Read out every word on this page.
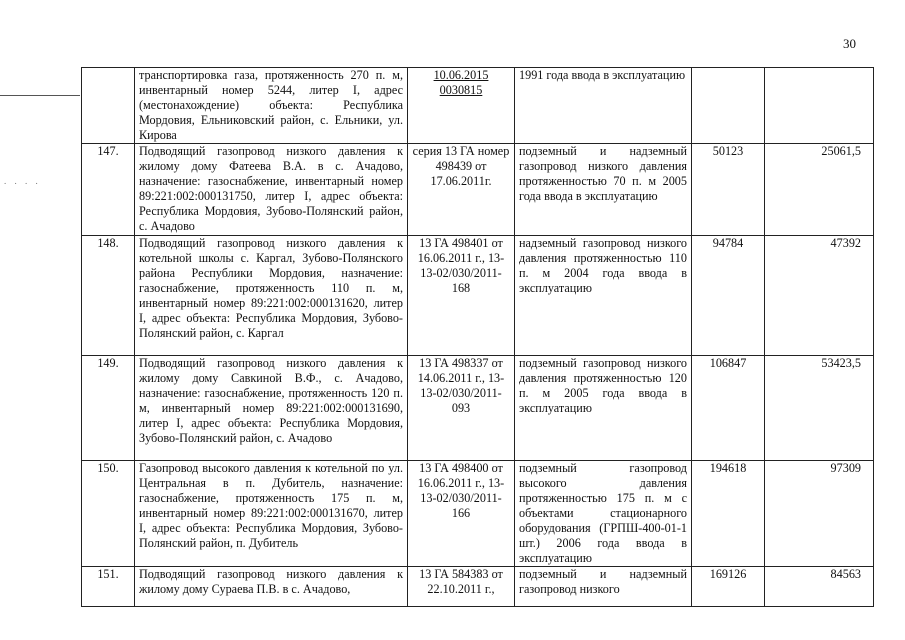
30
. . . .
	транспортировка газа, протяженность 270 п. м, инвентарный номер 5244, литер I, адрес (местонахождение) объекта: Республика Мордовия, Ельниковский район, с. Ельники, ул. Кирова	10.06.2015 0030815	1991 года ввода в эксплуатацию		
147.	Подводящий газопровод низкого давления к жилому дому Фатеева В.А. в с. Ачадово, назначение: газоснабжение, инвентарный номер 89:221:002:000131750, литер I, адрес объекта: Республика Мордовия, Зубово-Полянский район, с. Ачадово	серия 13 ГА номер 498439 от 17.06.2011г.	подземный и надземный газопровод низкого давления протяженностью 70 п. м 2005 года ввода в эксплуатацию	50123	25061,5
148.	Подводящий газопровод низкого давления к котельной школы с. Каргал, Зубово-Полянского района Республики Мордовия, назначение: газоснабжение, протяженность 110 п. м, инвентарный номер 89:221:002:000131620, литер I, адрес объекта: Республика Мордовия, Зубово-Полянский район, с. Каргал	13 ГА 498401 от 16.06.2011 г., 13-13-02/030/2011-168	надземный газопровод низкого давления протяженностью 110 п. м 2004 года ввода в эксплуатацию	94784	47392
149.	Подводящий газопровод низкого давления к жилому дому Савкиной В.Ф., с. Ачадово, назначение: газоснабжение, протяженность 120 п. м, инвентарный номер 89:221:002:000131690, литер I, адрес объекта: Республика Мордовия, Зубово-Полянский район, с. Ачадово	13 ГА 498337 от 14.06.2011 г., 13-13-02/030/2011-093	подземный газопровод низкого давления протяженностью 120 п. м 2005 года ввода в эксплуатацию	106847	53423,5
150.	Газопровод высокого давления к котельной по ул. Центральная в п. Дубитель, назначение: газоснабжение, протяженность 175 п. м, инвентарный номер 89:221:002:000131670, литер I, адрес объекта: Республика Мордовия, Зубово-Полянский район, п. Дубитель	13 ГА 498400 от 16.06.2011 г., 13-13-02/030/2011-166	подземный газопровод высокого давления протяженностью 175 п. м с объектами стационарного оборудования (ГРПШ-400-01-1 шт.) 2006 года ввода в эксплуатацию	194618	97309
151.	Подводящий газопровод низкого давления к жилому дому Сураева П.В. в с. Ачадово,	13 ГА 584383 от 22.10.2011 г.,	подземный и надземный газопровод низкого	169126	84563
